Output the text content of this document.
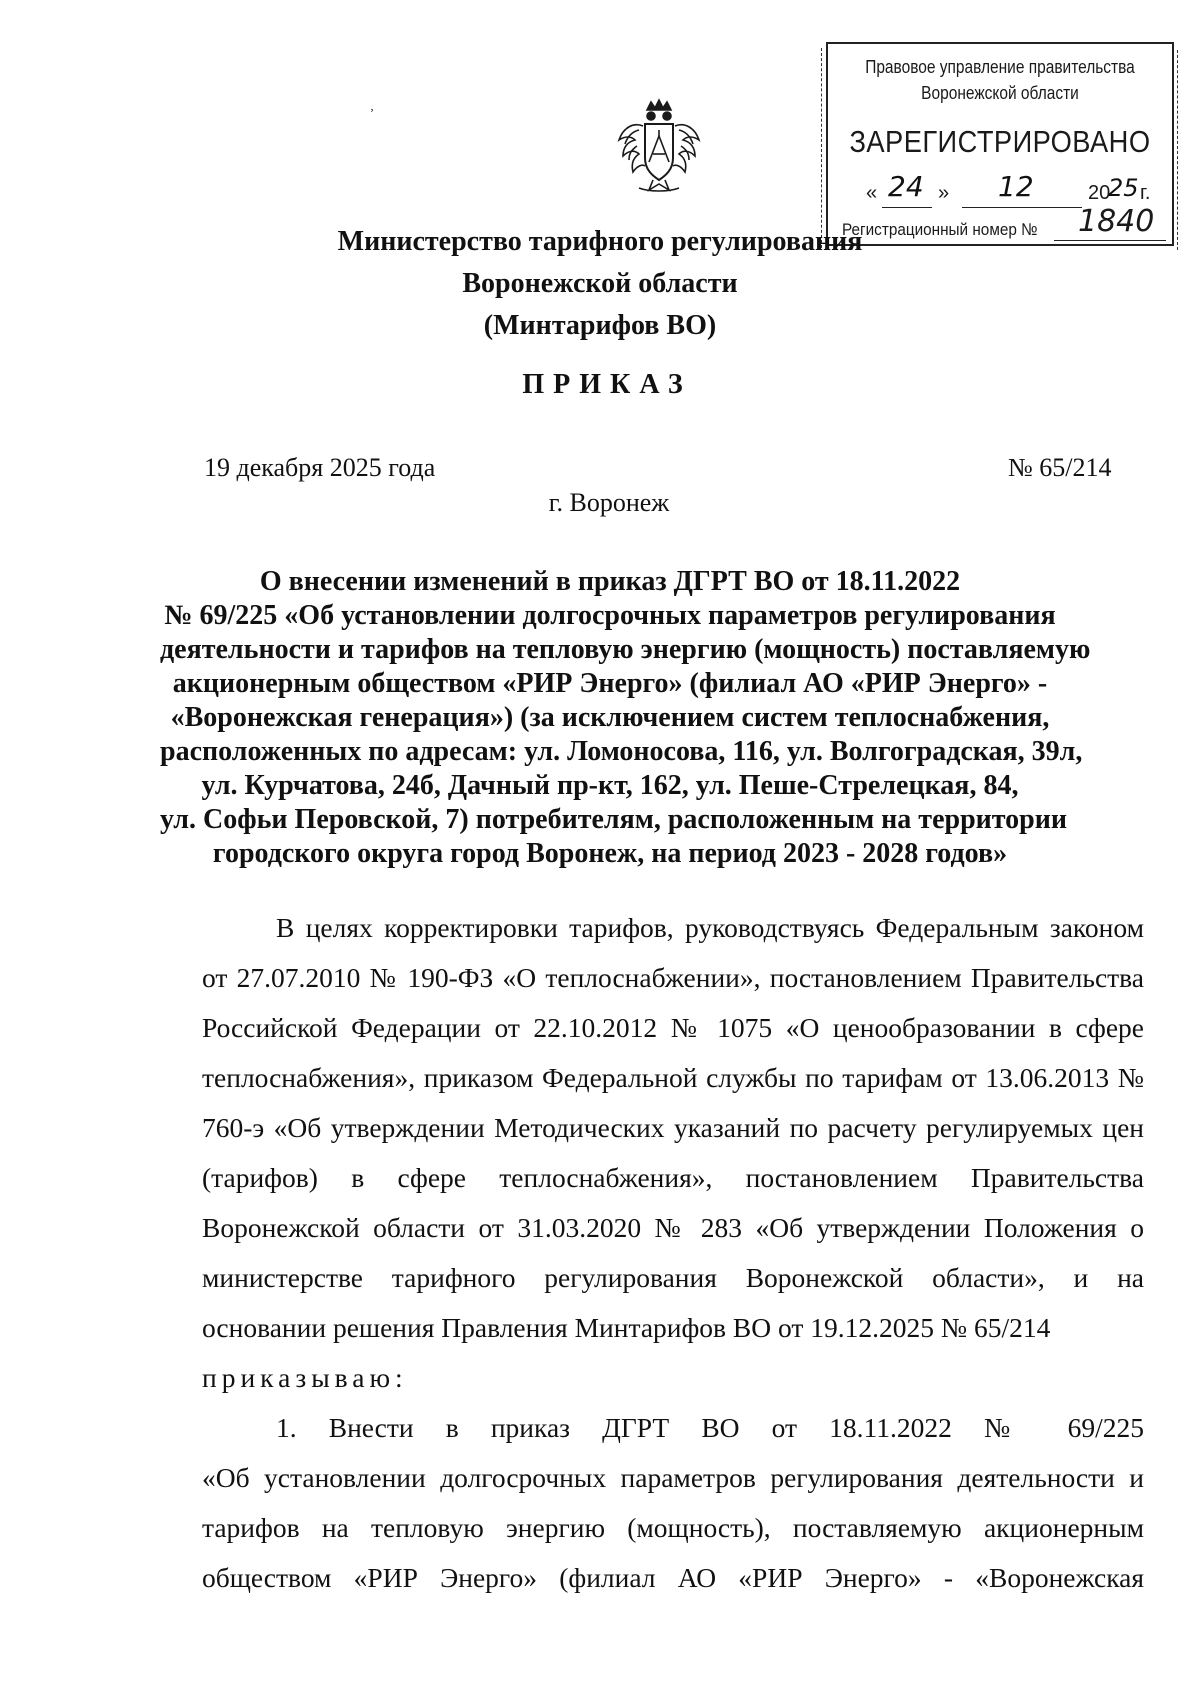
Правовое управление правительства
Воронежской области
ЗАРЕГИСТРИРОВАНО
« 24 » 12	20
25 г.
Регистрационный номер № 1840
ʼ
Министерство тарифного регулирования
Воронежской области
(Минтарифов ВО)
ПРИКАЗ
19 декабря 2025 года	№ 65/214
г. Воронеж
О внесении изменений в приказ ДГРТ ВО от 18.11.2022
№ 69/225 «Об установлении долгосрочных параметров регулирования
деятельности и тарифов на тепловую энергию (мощность) поставляемую
акционерным обществом «РИР Энерго» (филиал АО «РИР Энерго» -
«Воронежская генерация») (за исключением систем теплоснабжения,
расположенных по адресам: ул. Ломоносова, 116, ул. Волгоградская, 39л,
ул. Курчатова, 24б, Дачный пр-кт, 162, ул. Пеше-Стрелецкая, 84,
ул. Софьи Перовской, 7) потребителям, расположенным на территории
городского округа город Воронеж, на период 2023 - 2028 годов»
В целях корректировки тарифов, руководствуясь Федеральным законом
от 27.07.2010 № 190-ФЗ «О теплоснабжении», постановлением Правительства
Российской Федерации от 22.10.2012 № 1075 «О ценообразовании в сфере
теплоснабжения», приказом Федеральной службы по тарифам от 13.06.2013 №
760-э «Об утверждении Методических указаний по расчету регулируемых цен
(тарифов) в сфере теплоснабжения», постановлением Правительства
Воронежской области от 31.03.2020 № 283 «Об утверждении Положения о
министерстве тарифного регулирования Воронежской области», и на
основании решения Правления Минтарифов ВО от 19.12.2025 № 65/214
приказываю:
1. Внести в приказ ДГРТ ВО от 18.11.2022 № 69/225
«Об установлении долгосрочных параметров регулирования деятельности и
тарифов на тепловую энергию (мощность), поставляемую акционерным
обществом «РИР Энерго» (филиал АО «РИР Энерго» - «Воронежская
